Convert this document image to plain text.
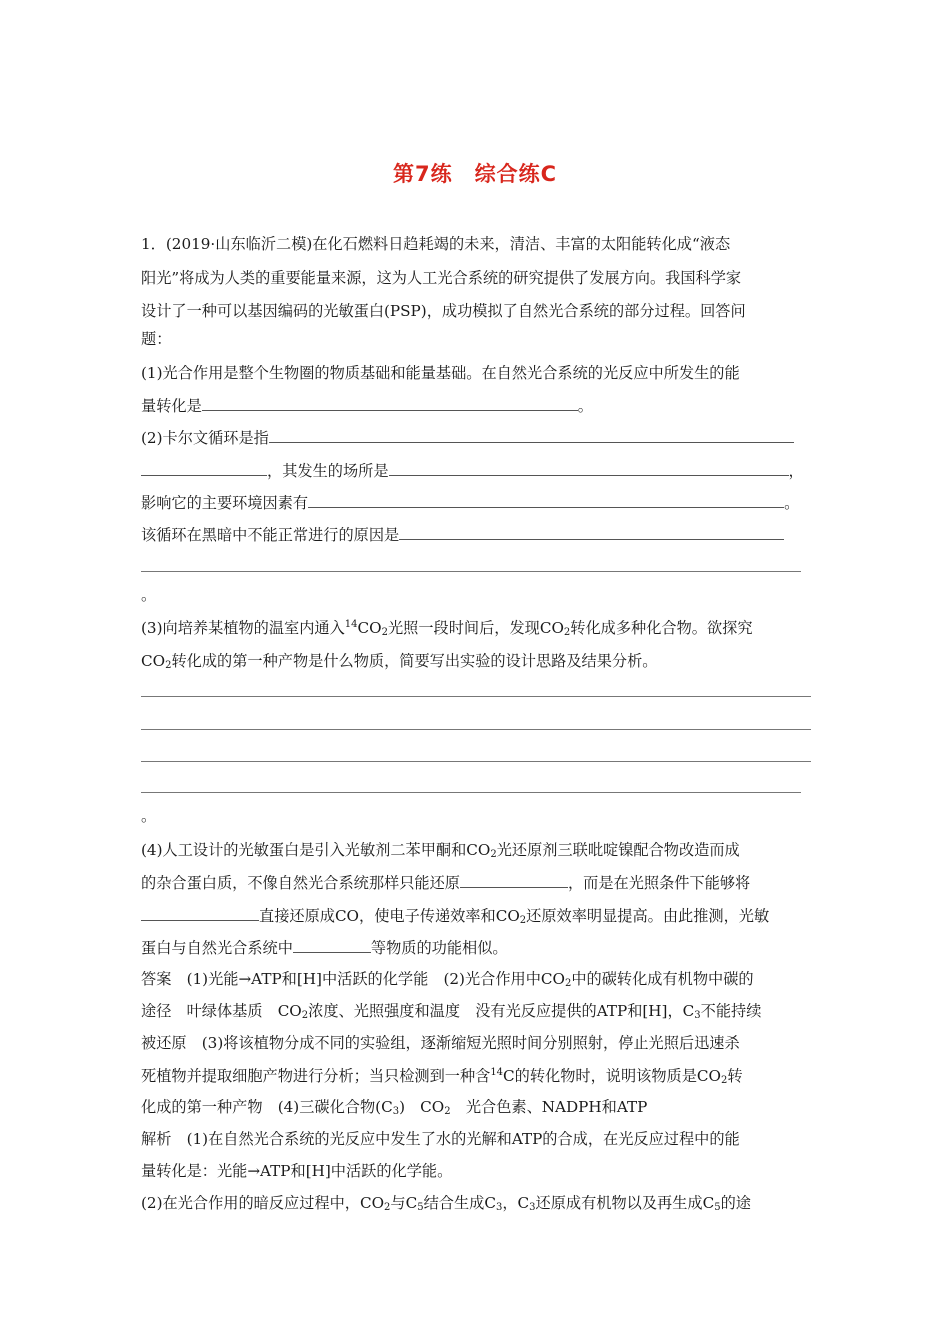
第7练　综合练C
1．(2019·山东临沂二模)在化石燃料日趋耗竭的未来，清洁、丰富的太阳能转化成“液态
阳光”将成为人类的重要能量来源，这为人工光合系统的研究提供了发展方向。我国科学家
设计了一种可以基因编码的光敏蛋白(PSP)，成功模拟了自然光合系统的部分过程。回答问
题：
(1)光合作用是整个生物圈的物质基础和能量基础。在自然光合系统的光反应中所发生的能
量转化是	。
(2)卡尔文循环是指
，其发生的场所是	，
影响它的主要环境因素有	。
该循环在黑暗中不能正常进行的原因是
。
(3)向培养某植物的温室内通入$^{14}CO_2$光照一段时间后，发现$CO_2$转化成多种化合物。欲探究
$CO_2$转化成的第一种产物是什么物质，简要写出实验的设计思路及结果分析。
。
(4)人工设计的光敏蛋白是引入光敏剂二苯甲酮和$CO_2$光还原剂三联吡啶镍配合物改造而成
的杂合蛋白质，不像自然光合系统那样只能还原	，而是在光照条件下能够将
直接还原成CO，使电子传递效率和$CO_2$还原效率明显提高。由此推测，光敏
蛋白与自然光合系统中	等物质的功能相似。
答案　(1)光能→ATP和[H]中活跃的化学能　(2)光合作用中$CO_2$中的碳转化成有机物中碳的
途径　叶绿体基质　$CO_2$浓度、光照强度和温度　没有光反应提供的ATP和[H]，$C_3$不能持续
被还原　(3)将该植物分成不同的实验组，逐渐缩短光照时间分别照射，停止光照后迅速杀
死植物并提取细胞产物进行分析；当只检测到一种含$^{14}$C的转化物时，说明该物质是$CO_2$转
化成的第一种产物　(4)三碳化合物$(C_3)$　$CO_2$　光合色素、NADPH和ATP
解析　(1)在自然光合系统的光反应中发生了水的光解和ATP的合成，在光反应过程中的能
量转化是：光能→ATP和[H]中活跃的化学能。
(2)在光合作用的暗反应过程中，$CO_2$与$C_5$结合生成$C_3$，$C_3$还原成有机物以及再生成$C_5$的途
